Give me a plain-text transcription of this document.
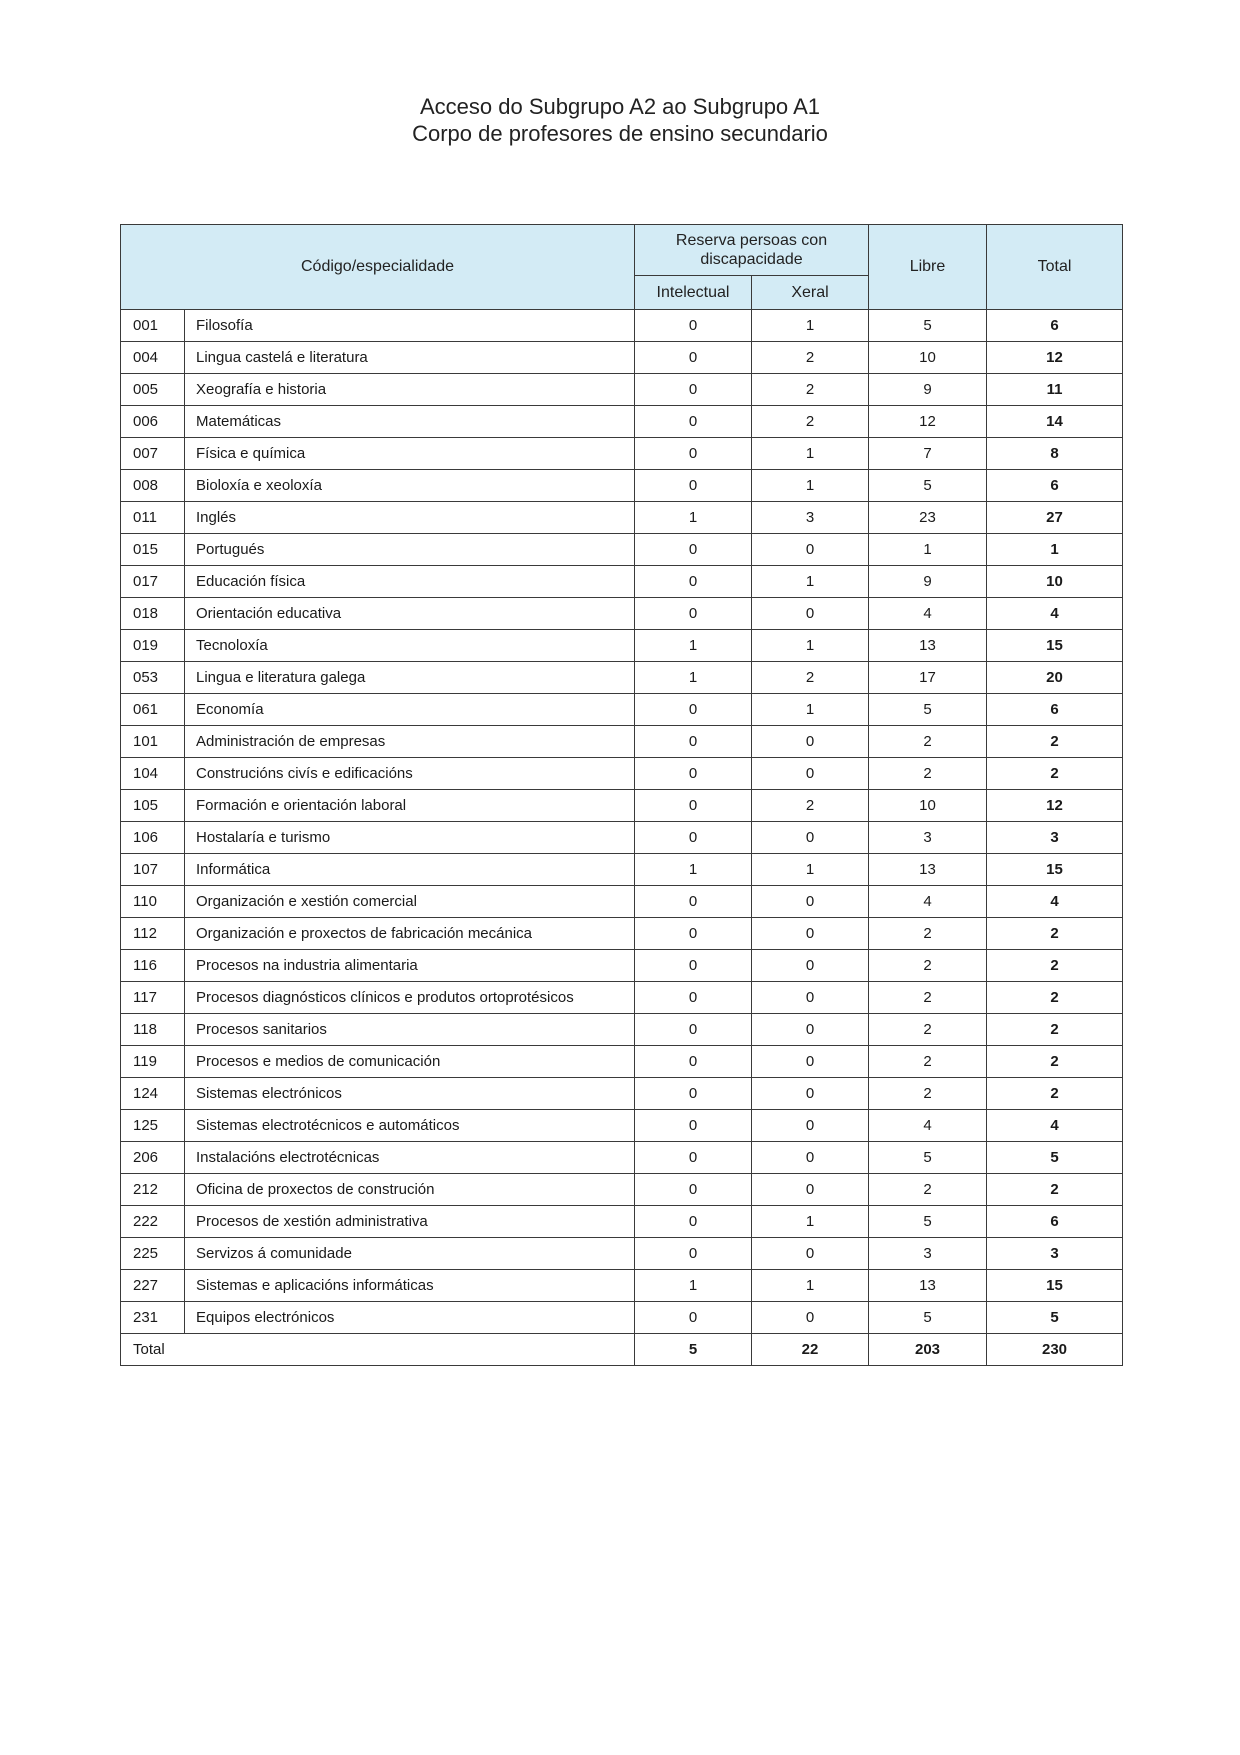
Acceso do Subgrupo A2 ao Subgrupo A1
Corpo de profesores de ensino secundario
Código/especialidade		Reserva persoas con discapacidade		Libre	Total
		Intelectual	Xeral		
001	Filosofía	0	1	5	6
004	Lingua castelá e literatura	0	2	10	12
005	Xeografía e historia	0	2	9	11
006	Matemáticas	0	2	12	14
007	Física e química	0	1	7	8
008	Bioloxía e xeoloxía	0	1	5	6
011	Inglés	1	3	23	27
015	Portugués	0	0	1	1
017	Educación física	0	1	9	10
018	Orientación educativa	0	0	4	4
019	Tecnoloxía	1	1	13	15
053	Lingua e literatura galega	1	2	17	20
061	Economía	0	1	5	6
101	Administración de empresas	0	0	2	2
104	Construcións civís e edificacións	0	0	2	2
105	Formación e orientación laboral	0	2	10	12
106	Hostalaría e turismo	0	0	3	3
107	Informática	1	1	13	15
110	Organización e xestión comercial	0	0	4	4
112	Organización e proxectos de fabricación mecánica	0	0	2	2
116	Procesos na industria alimentaria	0	0	2	2
117	Procesos diagnósticos clínicos e produtos ortoprotésicos	0	0	2	2
118	Procesos sanitarios	0	0	2	2
119	Procesos e medios de comunicación	0	0	2	2
124	Sistemas electrónicos	0	0	2	2
125	Sistemas electrotécnicos e automáticos	0	0	4	4
206	Instalacións electrotécnicas	0	0	5	5
212	Oficina de proxectos de construción	0	0	2	2
222	Procesos de xestión administrativa	0	1	5	6
225	Servizos á comunidade	0	0	3	3
227	Sistemas e aplicacións informáticas	1	1	13	15
231	Equipos electrónicos	0	0	5	5
Total		5	22	203	230
